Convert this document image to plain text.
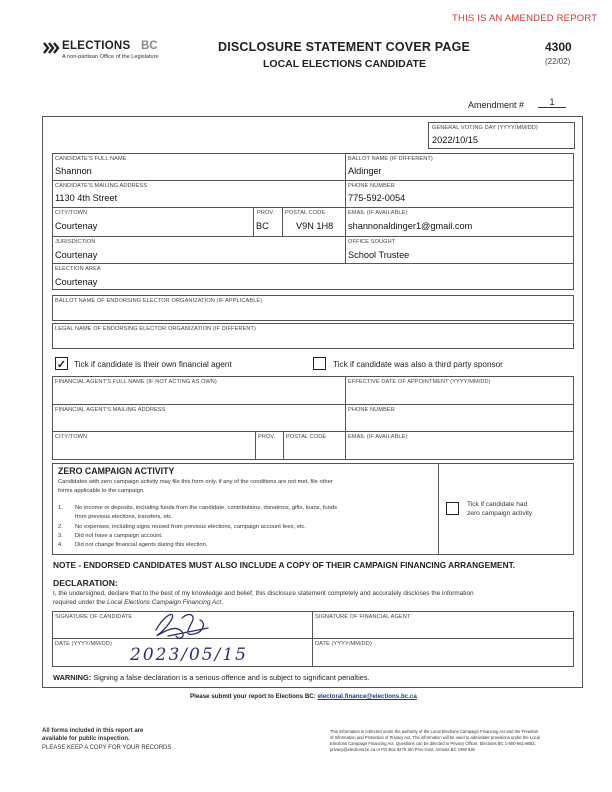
THIS IS AN AMENDED REPORT
ELECTIONS BC
A non-partisan Office of the Legislature
DISCLOSURE STATEMENT COVER PAGE
LOCAL ELECTIONS CANDIDATE
4300
(22/02)
Amendment #	1
GENERAL VOTING DAY (YYYY/MM/DD)
2022/10/15
CANDIDATE'S FULL NAME
Shannon
BALLOT NAME (IF DIFFERENT)
Aldinger
CANDIDATE'S MAILING ADDRESS
1130 4th Street
PHONE NUMBER
775-592-0054
CITY/TOWN
Courtenay
PROV.
BC
POSTAL CODE
V9N 1H8
EMAIL (IF AVAILABLE)
shannonaldinger1@gmail.com
JURISDICTION
Courtenay
OFFICE SOUGHT
School Trustee
ELECTION AREA
Courtenay
BALLOT NAME OF ENDORSING ELECTOR ORGANIZATION (IF APPLICABLE)
LEGAL NAME OF ENDORSING ELECTOR ORGANIZATION (IF DIFFERENT)
✓ Tick if candidate is their own financial agent	Tick if candidate was also a third party sponsor
FINANCIAL AGENT'S FULL NAME (IF NOT ACTING AS OWN)	EFFECTIVE DATE OF APPOINTMENT (YYYY/MM/DD)
FINANCIAL AGENT'S MAILING ADDRESS	PHONE NUMBER
CITY/TOWN	PROV. POSTAL CODE	EMAIL (IF AVAILABLE)
ZERO CAMPAIGN ACTIVITY
Candidates with zero campaign activity may file this form only, if any of the conditions are not met, file other
forms applicable to the campaign.
1. No income or deposits, including funds from the candidate, contributions, donations, gifts, loans, funds
from previous elections, transfers, etc.
2. No expenses, including signs reused from previous elections, campaign account fees, etc.
3. Did not have a campaign account.
4. Did not change financial agents during this election.
Tick if candidate had
zero campaign activity
NOTE - ENDORSED CANDIDATES MUST ALSO INCLUDE A COPY OF THEIR CAMPAIGN FINANCING ARRANGEMENT.
DECLARATION:
I, the undersigned, declare that to the best of my knowledge and belief, this disclosure statement completely and accurately discloses the information
required under the Local Elections Campaign Financing Act.
SIGNATURE OF CANDIDATE	SIGNATURE OF FINANCIAL AGENT
DATE (YYYY/MM/DD)	DATE (YYYY/MM/DD)
2023/05/15
WARNING: Signing a false declaration is a serious offence and is subject to significant penalties.
Please submit your report to Elections BC: electoral.finance@elections.bc.ca
All forms included in this report are
available for public inspection.
PLEASE KEEP A COPY FOR YOUR RECORDS
This information is collected under the authority of the Local Elections Campaign Financing Act and the Freedom
of Information and Protection of Privacy Act. The information will be used to administer provisions under the Local
Elections Campaign Financing Act. Questions can be directed to Privacy Officer, Elections BC 1-800-661-8683,
privacy@elections.bc.ca or PO Box 9275 Stn Prov Govt, Victoria BC V8W 9J6
